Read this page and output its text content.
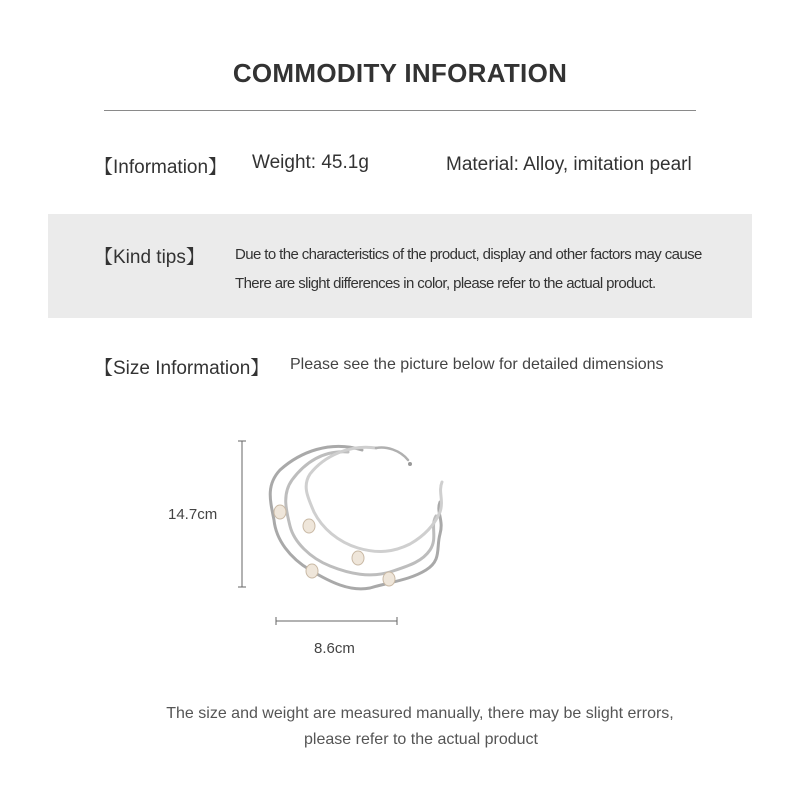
COMMODITY INFORATION
【Information】 Weight: 45.1g	Material: Alloy, imitation pearl
【Kind tips】 Due to the characteristics of the product, display and other factors may cause
There are slight differences in color, please refer to the actual product.
【Size Information】 Please see the picture below for detailed dimensions
14.7cm
8.6cm
The size and weight are measured manually, there may be slight errors,
please refer to the actual product
